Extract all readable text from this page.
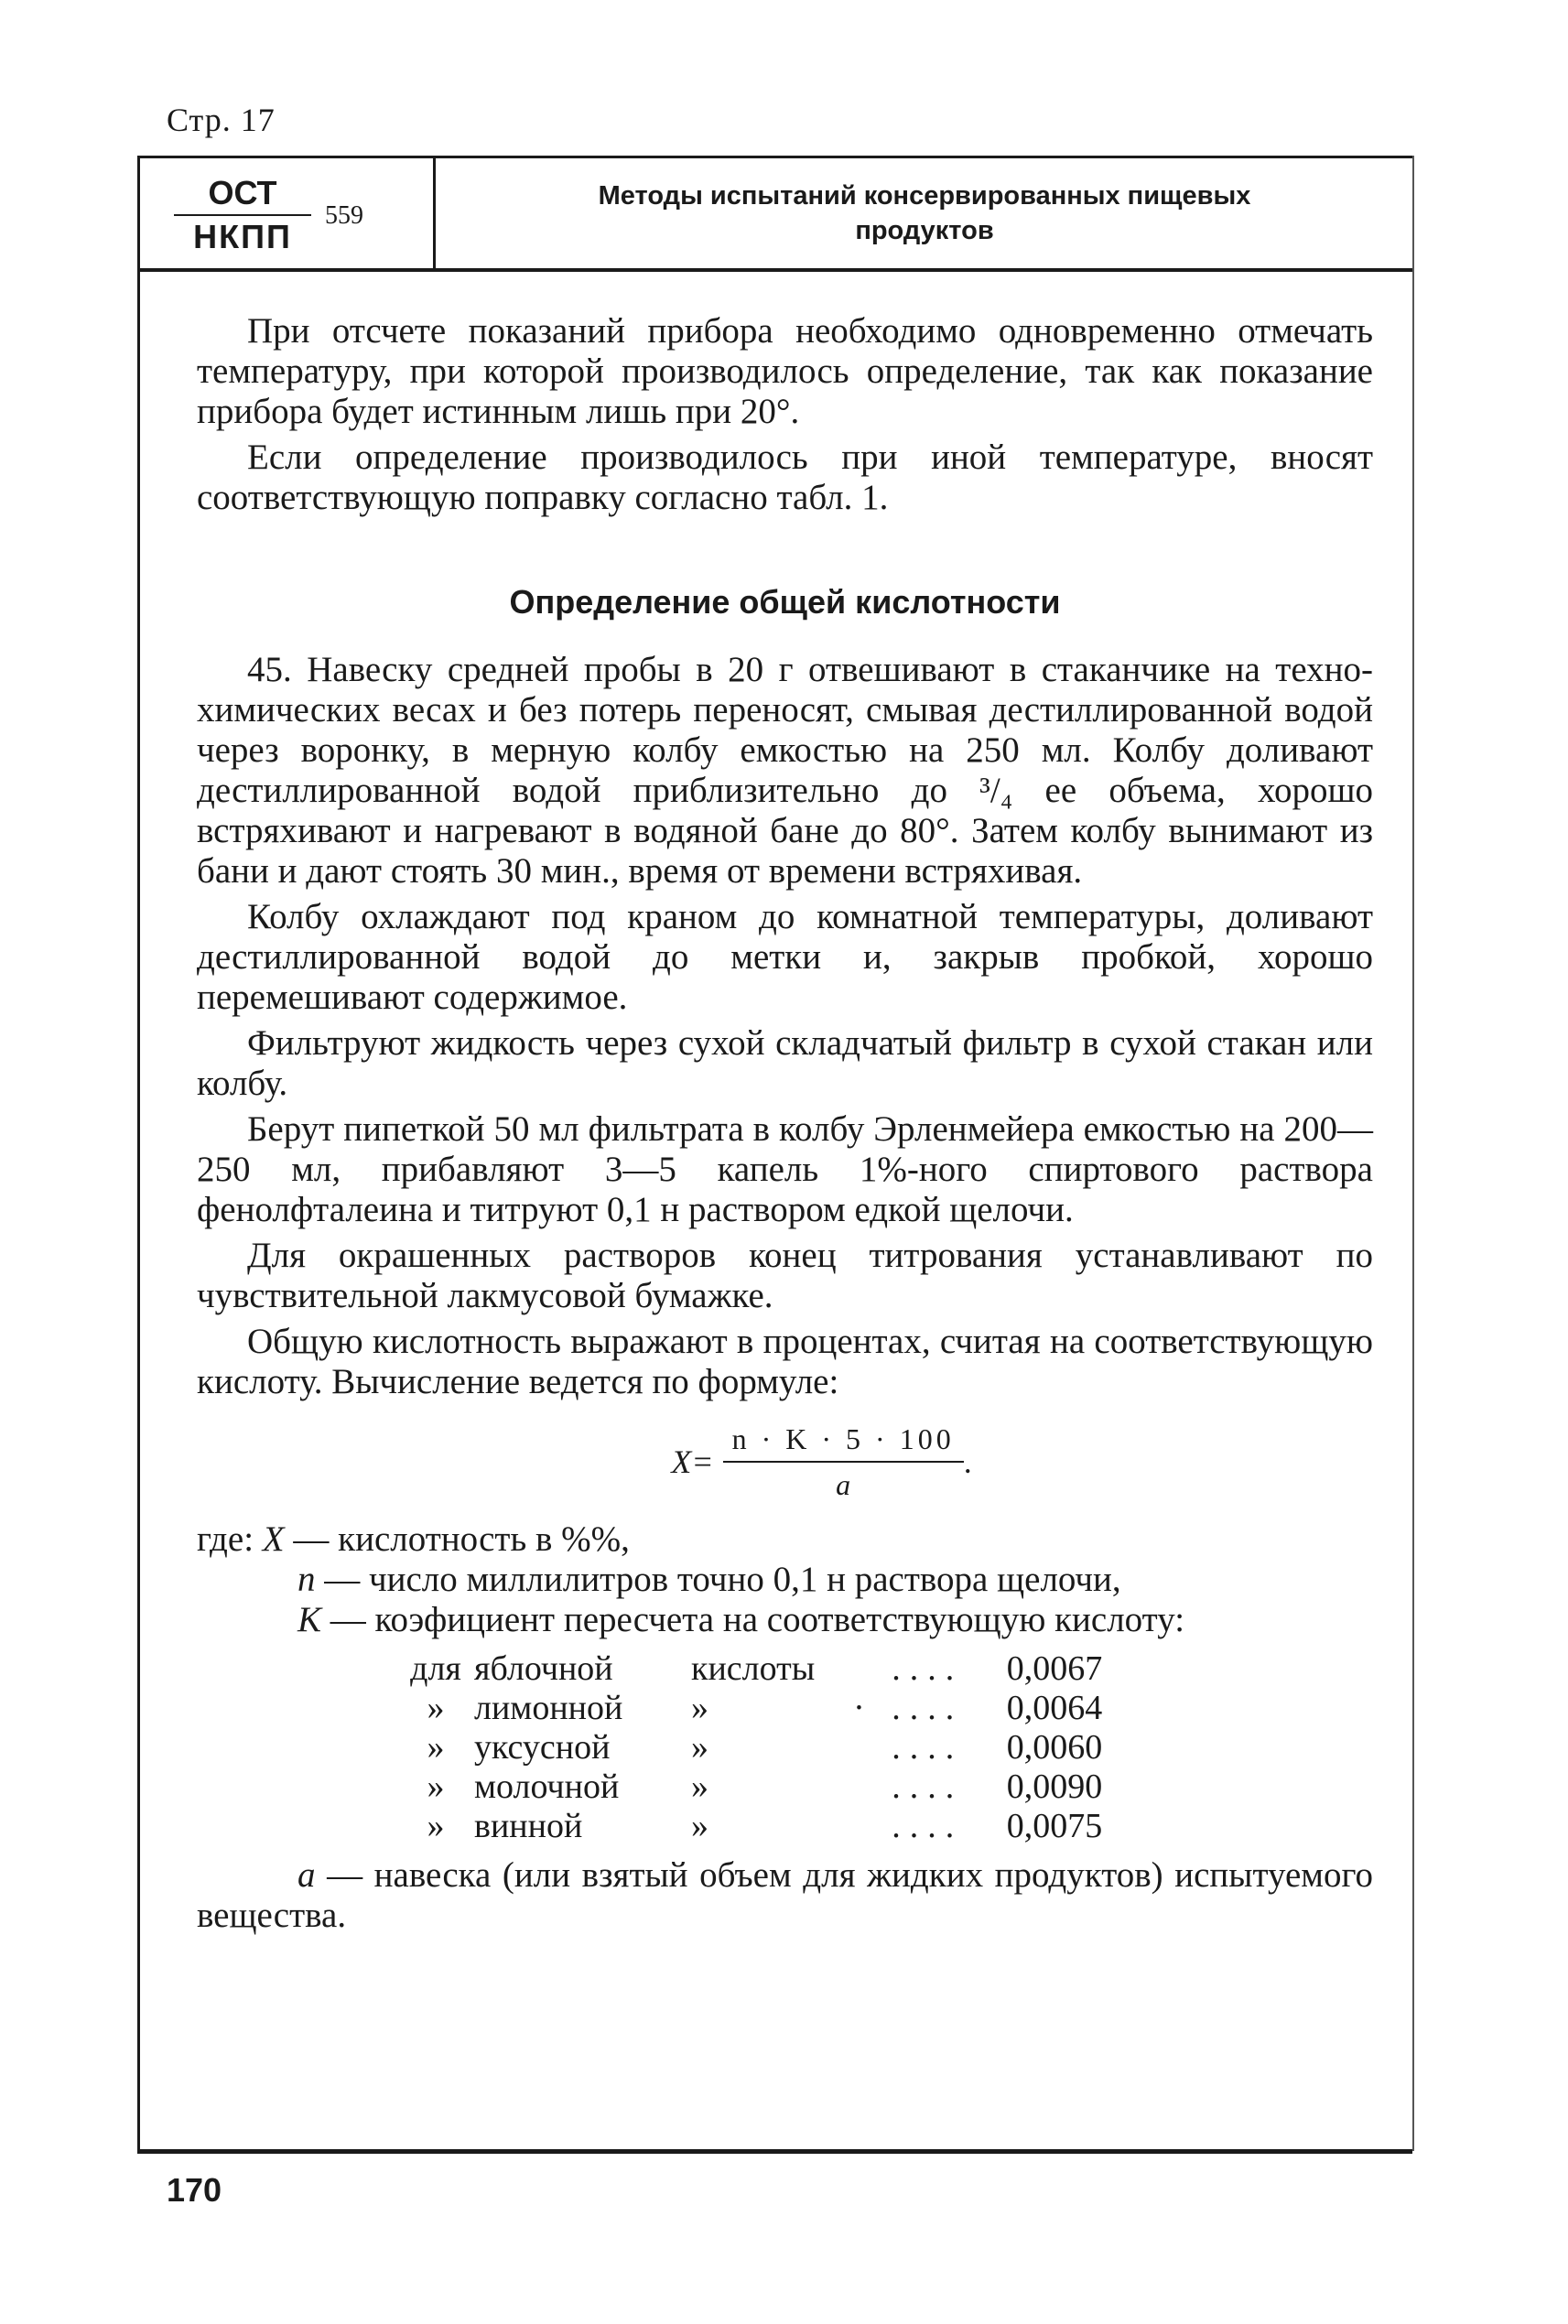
Стр. 17
ОСТ
НКПП
559
Методы испытаний консервированных пищевых
продуктов

При отсчете показаний прибора необходимо одновременно отмечать температуру, при которой производилось определение, так как показание прибора будет истинным лишь при 20°.

Если определение производилось при иной температуре, вносят соответствующую поправку согласно табл. 1.

Определение общей кислотности

45. Навеску средней пробы в 20 г отвешивают в стаканчике на техно-химических весах и без потерь переносят, смывая дестиллированной водой через воронку, в мерную колбу емкостью на 250 мл. Колбу доливают дестиллированной водой приблизительно до ³/₄ ее объема, хорошо встряхивают и нагревают в водяной бане до 80°. Затем колбу вынимают из бани и дают стоять 30 мин., время от времени встряхивая.

Колбу охлаждают под краном до комнатной температуры, доливают дестиллированной водой до метки и, закрыв пробкой, хорошо перемешивают содержимое.

Фильтруют жидкость через сухой складчатый фильтр в сухой стакан или колбу.

Берут пипеткой 50 мл фильтрата в колбу Эрленмейера емкостью на 200—250 мл, прибавляют 3—5 капель 1%-ного спиртового раствора фенолфталеина и титруют 0,1 н раствором едкой щелочи.

Для окрашенных растворов конец титрования устанавливают по чувствительной лакмусовой бумажке.

Общую кислотность выражают в процентах, считая на соответствующую кислоту. Вычисление ведется по формуле:

$X= \frac{n \cdot K \cdot 5 \cdot 100}{a}$ .
где:
X
— кислотность в %%,
n
— число миллилитров точно 0,1 н раствора щелочи,
K
— коэфициент пересчета на соответствующую кислоту:
для	яблочной	кислоты	....	0,0067
»	лимонной	»	· ....	0,0064
»	уксусной	»	....	0,0060
»	молочной	»	....	0,0090
»	винной	»	....	0,0075

a — навеска (или взятый объем для жидких продуктов) испытуемого вещества.

170
